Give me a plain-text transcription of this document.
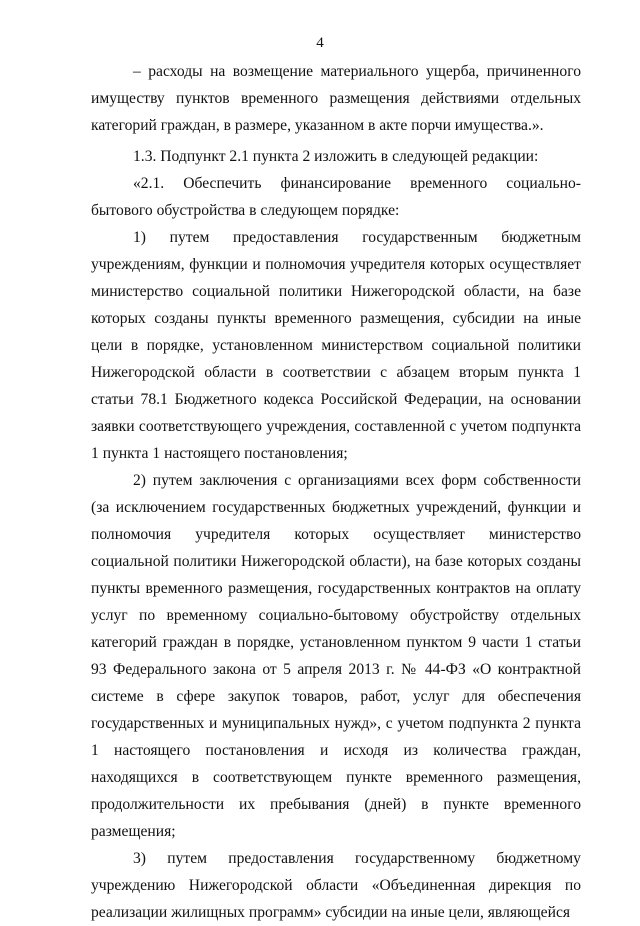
4

– расходы на возмещение материального ущерба, причиненного имуществу пунктов временного размещения действиями отдельных категорий граждан, в размере, указанном в акте порчи имущества.».

1.3. Подпункт 2.1 пункта 2 изложить в следующей редакции:

«2.1. Обеспечить финансирование временного социально-бытового обустройства в следующем порядке:

1) путем предоставления государственным бюджетным

учреждениям, функции и полномочия учредителя которых осуществляет министерство социальной политики Нижегородской области, на базе которых созданы пункты временного размещения, субсидии на иные цели в порядке, установленном министерством социальной политики Нижегородской области в соответствии с абзацем вторым пункта 1 статьи 78.1 Бюджетного кодекса Российской Федерации, на основании заявки соответствующего учреждения, составленной с учетом подпункта 1 пункта 1 настоящего постановления;

2) путем заключения с организациями всех форм собственности (за исключением государственных бюджетных учреждений, функции и полномочия учредителя которых осуществляет министерство социальной политики Нижегородской области), на базе которых созданы пункты временного размещения, государственных контрактов на оплату услуг по временному социально-бытовому обустройству отдельных категорий граждан в порядке, установленном пунктом 9 части 1 статьи 93 Федерального закона от 5 апреля 2013 г. № 44-ФЗ «О контрактной системе в сфере закупок товаров, работ, услуг для обеспечения государственных и муниципальных нужд», с учетом подпункта 2 пункта 1 настоящего постановления и исходя из количества граждан, находящихся в соответствующем пункте временного размещения, продолжительности их пребывания (дней) в пункте временного размещения;

3) путем предоставления государственному бюджетному

учреждению Нижегородской области «Объединенная дирекция по реализации жилищных программ» субсидии на иные цели, являющейся
